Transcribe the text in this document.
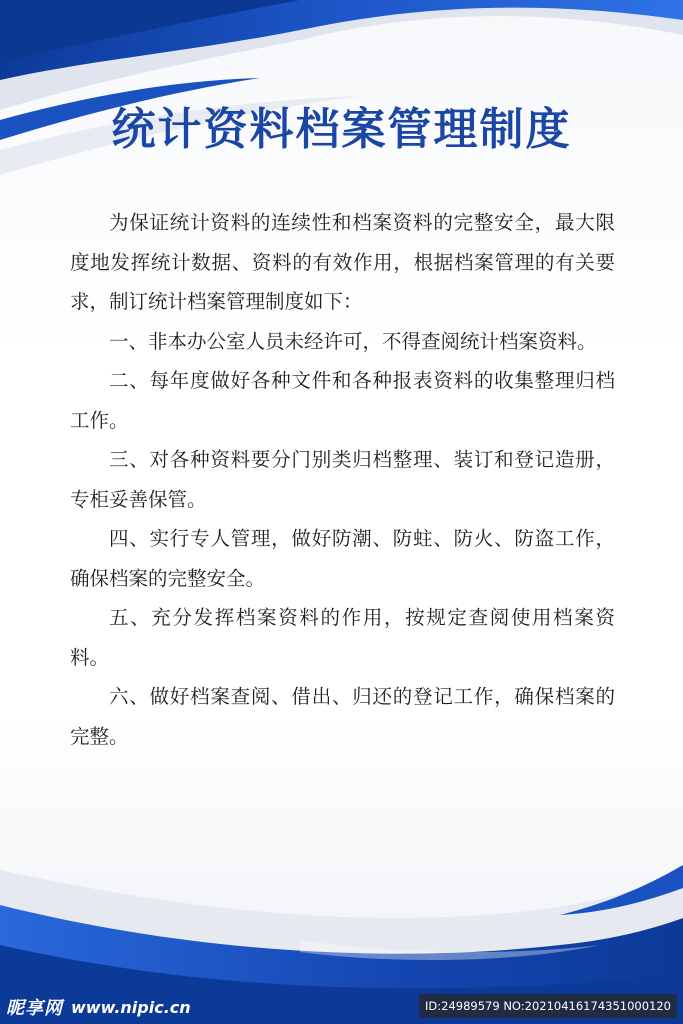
统计资料档案管理制度

为保证统计资料的连续性和档案资料的完整安全，最大限度地发挥统计数据、资料的有效作用，根据档案管理的有关要求，制订统计档案管理制度如下：

一、非本办公室人员未经许可，不得查阅统计档案资料。

二、每年度做好各种文件和各种报表资料的收集整理归档工作。

三、对各种资料要分门别类归档整理、装订和登记造册，专柜妥善保管。

四、实行专人管理，做好防潮、防蛀、防火、防盗工作，确保档案的完整安全。

五、充分发挥档案资料的作用，按规定查阅使用档案资料。

六、做好档案查阅、借出、归还的登记工作，确保档案的完整。

昵享网 www.nipic.cn	ID:24989579 NO:20210416174351000120
